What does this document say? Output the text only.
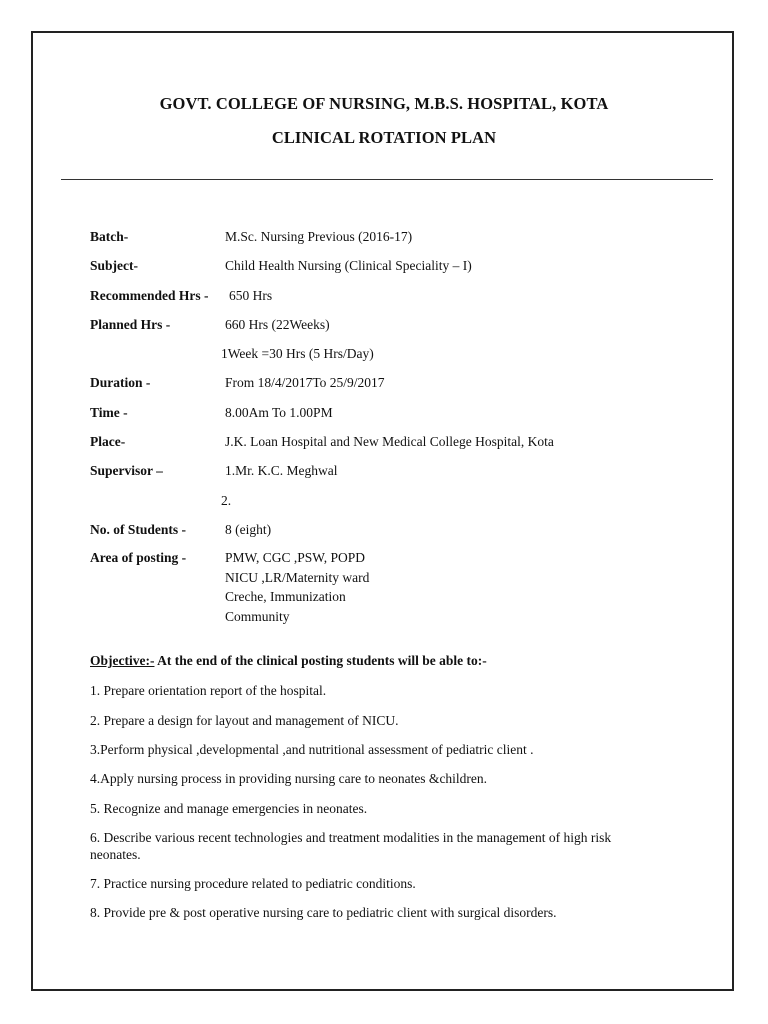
GOVT. COLLEGE OF NURSING, M.B.S. HOSPITAL, KOTA
CLINICAL ROTATION PLAN
Batch-	M.Sc. Nursing Previous (2016-17)
Subject-	Child Health Nursing (Clinical Speciality – I)
Recommended Hrs - 650 Hrs
Planned Hrs -	660 Hrs (22Weeks)
1Week =30 Hrs (5 Hrs/Day)
Duration -	From 18/4/2017To 25/9/2017
Time -	8.00Am To 1.00PM
Place-	J.K. Loan Hospital and New Medical College Hospital, Kota
Supervisor –	1.Mr. K.C. Meghwal
2.
No. of Students -	8 (eight)
Area of posting -	PMW, CGC ,PSW, POPD
NICU ,LR/Maternity ward
Creche, Immunization
Community
Objective:- At the end of the clinical posting students will be able to:-
1. Prepare orientation report of the hospital.
2. Prepare a design for layout and management of NICU.
3.Perform physical ,developmental ,and nutritional assessment of pediatric client .
4.Apply nursing process in providing nursing care to neonates &children.
5. Recognize and manage emergencies in neonates.
6. Describe various recent technologies and treatment modalities in the management of high risk neonates.
7. Practice nursing procedure related to pediatric conditions.
8. Provide pre & post operative nursing care to pediatric client with surgical disorders.
